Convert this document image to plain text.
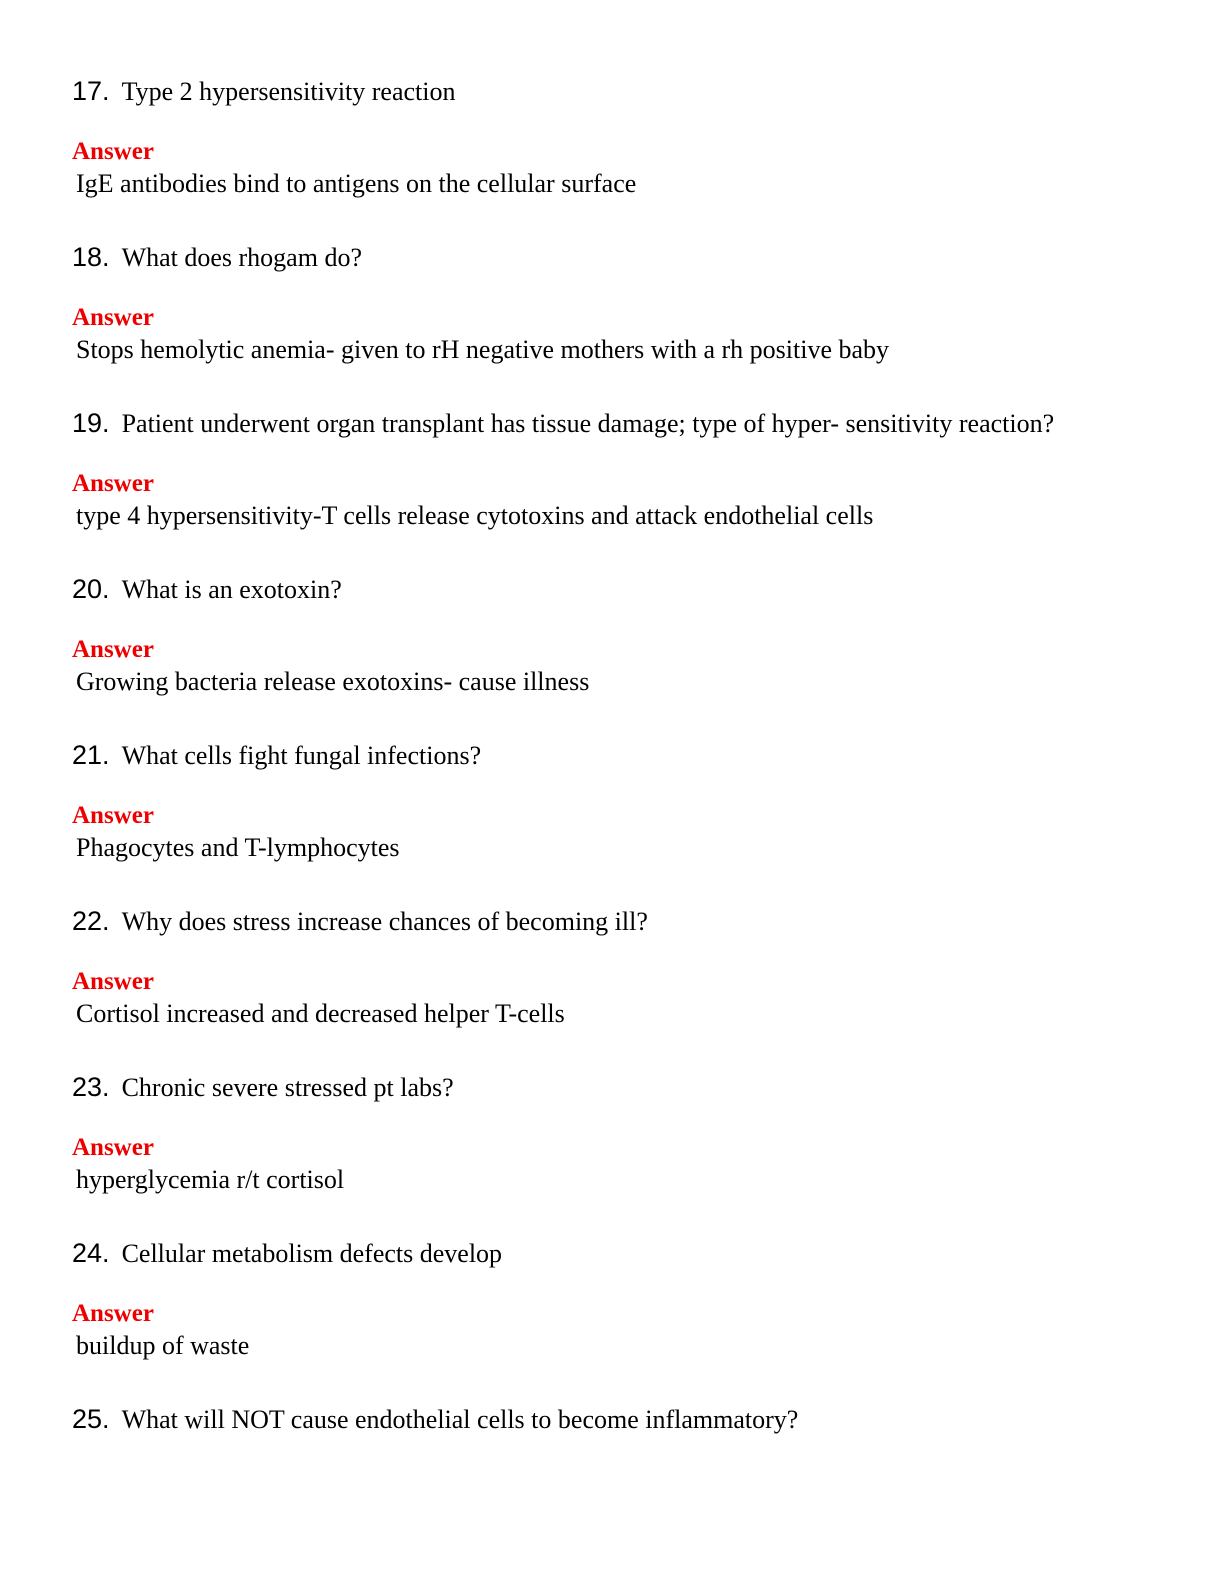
17. Type 2 hypersensitivity reaction
Answer
IgE antibodies bind to antigens on the cellular surface
18. What does rhogam do?
Answer
Stops hemolytic anemia- given to rH negative mothers with a rh positive baby
19. Patient underwent organ transplant has tissue damage; type of hyper- sensitivity reaction?
Answer
type 4 hypersensitivity-T cells release cytotoxins and attack endothelial cells
20. What is an exotoxin?
Answer
Growing bacteria release exotoxins- cause illness
21. What cells fight fungal infections?
Answer
Phagocytes and T-lymphocytes
22. Why does stress increase chances of becoming ill?
Answer
Cortisol increased and decreased helper T-cells
23. Chronic severe stressed pt labs?
Answer
hyperglycemia r/t cortisol
24. Cellular metabolism defects develop
Answer
buildup of waste
25. What will NOT cause endothelial cells to become inflammatory?
